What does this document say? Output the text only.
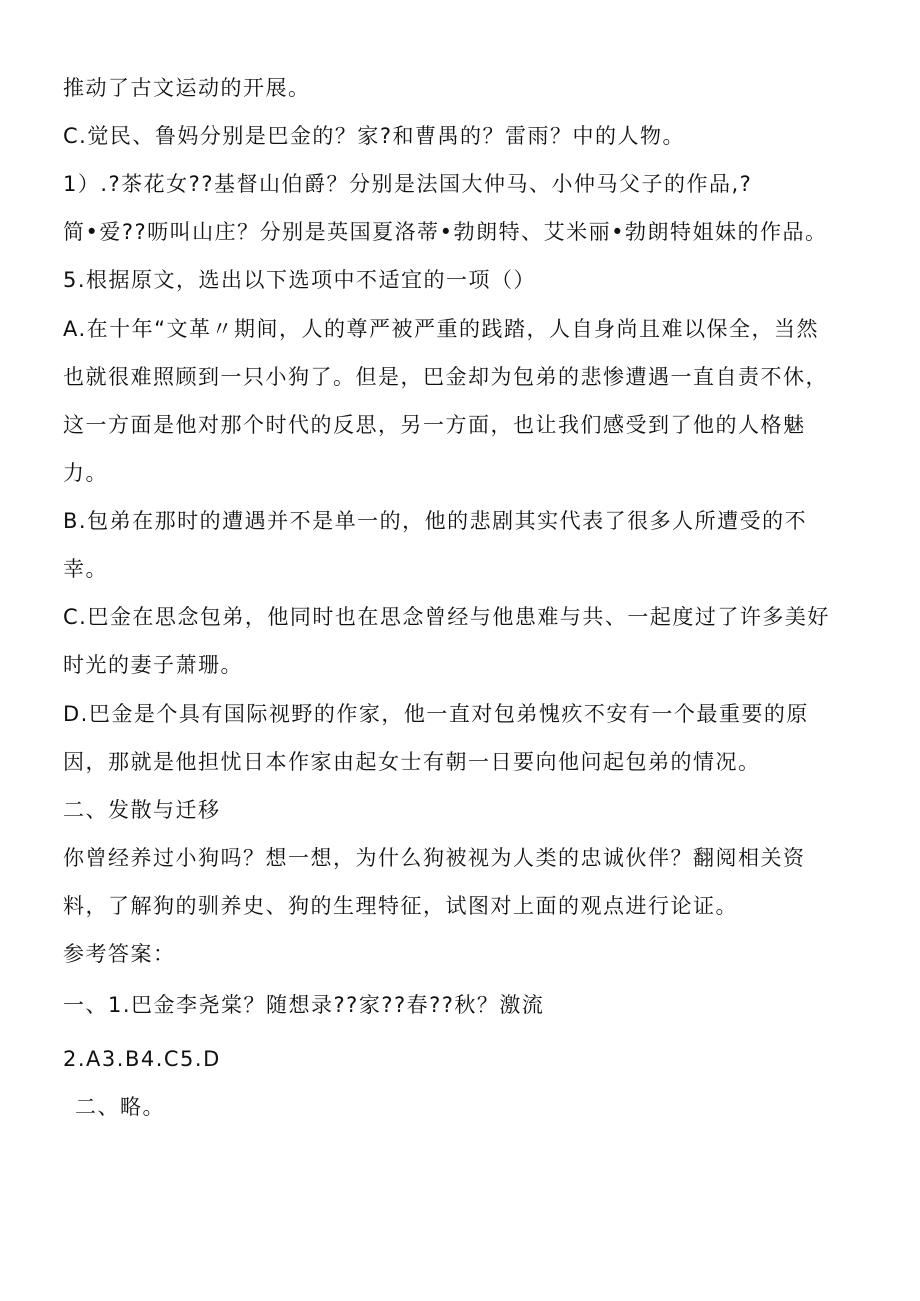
推动了古文运动的开展。
C.觉民、鲁妈分别是巴金的？家?和曹禺的？雷雨？中的人物。
1）.?茶花女??基督山伯爵？分别是法国大仲马、小仲马父子的作品,?
简•爱??呖叫山庄？分别是英国夏洛蒂•勃朗特、艾米丽•勃朗特姐妹的作品。
5.根据原文，选出以下选项中不适宜的一项（）
A.在十年“文革〃期间，人的尊严被严重的践踏，人自身尚且难以保全，当然
也就很难照顾到一只小狗了。但是，巴金却为包弟的悲惨遭遇一直自责不休，
这一方面是他对那个时代的反思，另一方面，也让我们感受到了他的人格魅
力。
B.包弟在那时的遭遇并不是单一的，他的悲剧其实代表了很多人所遭受的不
幸。
C.巴金在思念包弟，他同时也在思念曾经与他患难与共、一起度过了许多美好
时光的妻子萧珊。
D.巴金是个具有国际视野的作家，他一直对包弟愧疚不安有一个最重要的原
因，那就是他担忧日本作家由起女士有朝一日要向他问起包弟的情况。
二、发散与迁移
你曾经养过小狗吗？想一想，为什么狗被视为人类的忠诚伙伴？翻阅相关资
料，了解狗的驯养史、狗的生理特征，试图对上面的观点进行论证。
参考答案：
一、1.巴金李尧棠？随想录??家??春??秋？激流
2.A3.B4.C5.D
二、略。
